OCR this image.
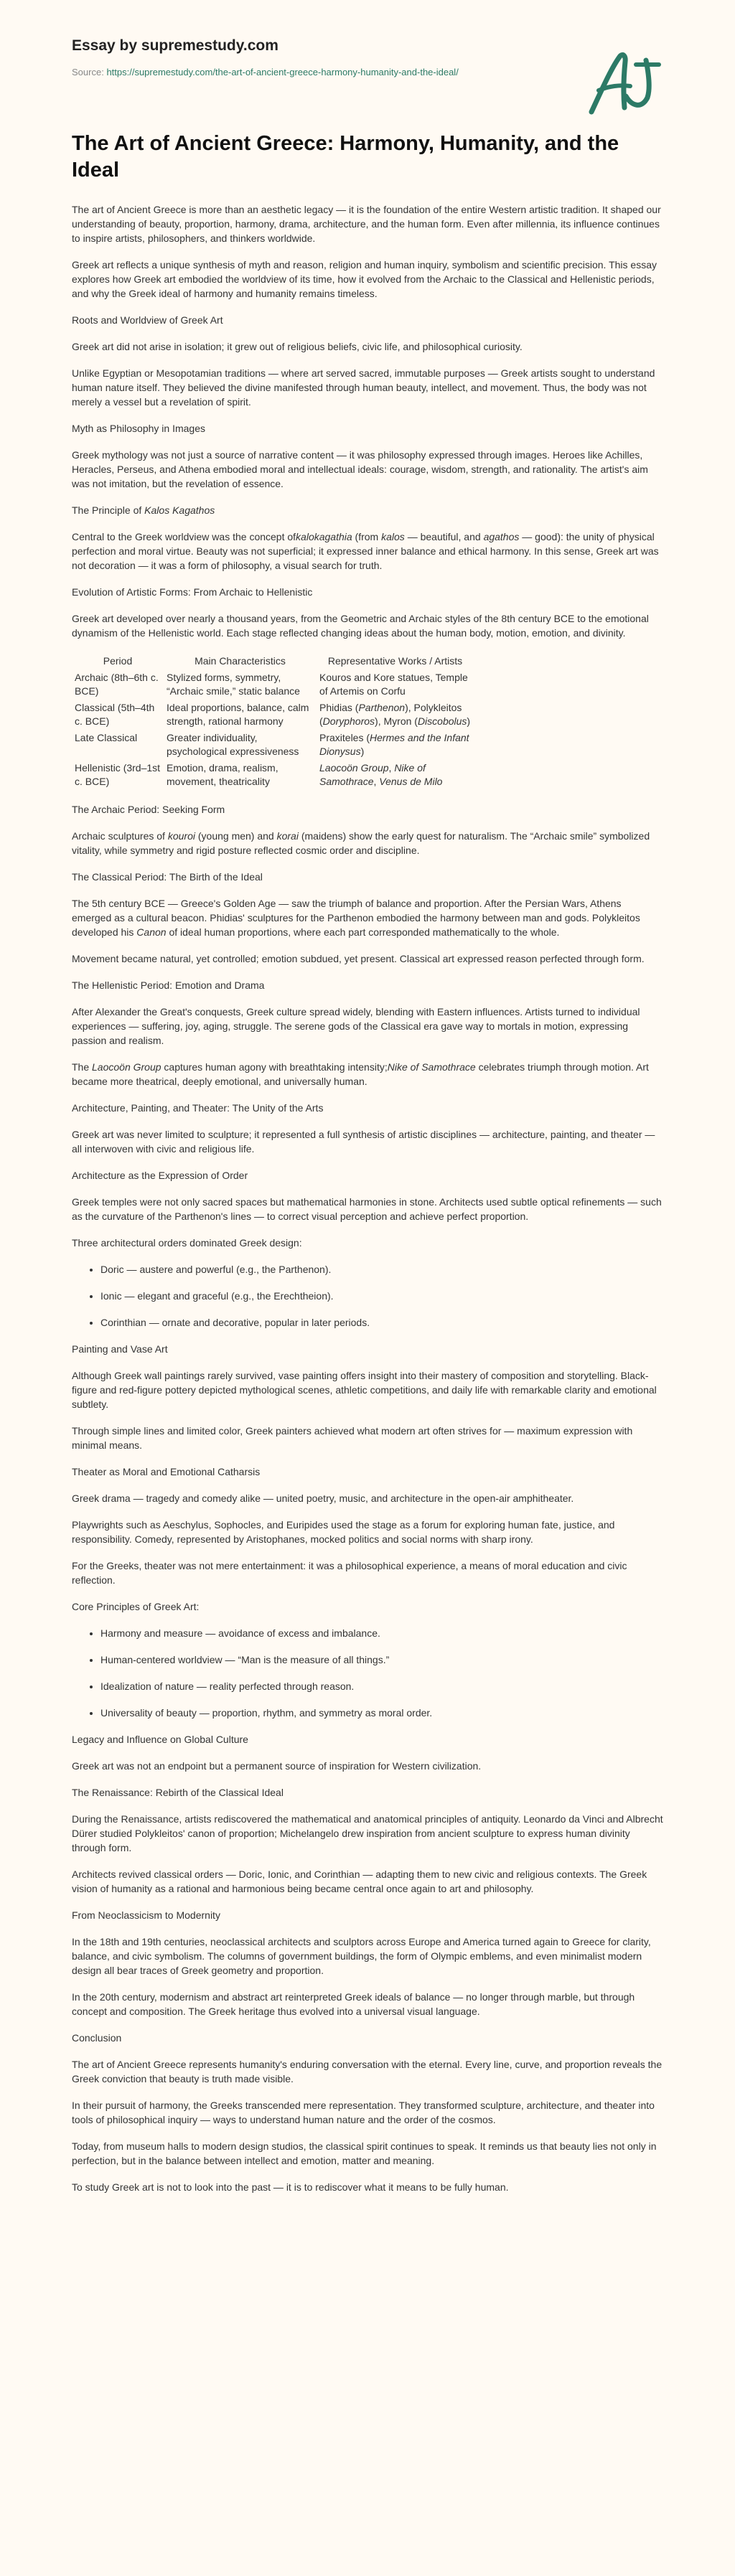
Essay by supremestudy.com
Source: https://supremestudy.com/the-art-of-ancient-greece-harmony-humanity-and-the-ideal/
The Art of Ancient Greece: Harmony, Humanity, and the Ideal

The art of Ancient Greece is more than an aesthetic legacy — it is the foundation of the entire Western artistic tradition. It shaped our understanding of beauty, proportion, harmony, drama, architecture, and the human form. Even after millennia, its influence continues to inspire artists, philosophers, and thinkers worldwide.

Greek art reflects a unique synthesis of myth and reason, religion and human inquiry, symbolism and scientific precision. This essay explores how Greek art embodied the worldview of its time, how it evolved from the Archaic to the Classical and Hellenistic periods, and why the Greek ideal of harmony and humanity remains timeless.

Roots and Worldview of Greek Art

Greek art did not arise in isolation; it grew out of religious beliefs, civic life, and philosophical curiosity.

Unlike Egyptian or Mesopotamian traditions — where art served sacred, immutable purposes — Greek artists sought to understand human nature itself. They believed the divine manifested through human beauty, intellect, and movement. Thus, the body was not merely a vessel but a revelation of spirit.

Myth as Philosophy in Images

Greek mythology was not just a source of narrative content — it was philosophy expressed through images. Heroes like Achilles, Heracles, Perseus, and Athena embodied moral and intellectual ideals: courage, wisdom, strength, and rationality. The artist's aim was not imitation, but the revelation of essence.

The Principle of Kalos Kagathos

Central to the Greek worldview was the concept ofkalokagathia (from kalos — beautiful, and agathos — good): the unity of physical perfection and moral virtue. Beauty was not superficial; it expressed inner balance and ethical harmony. In this sense, Greek art was not decoration — it was a form of philosophy, a visual search for truth.

Evolution of Artistic Forms: From Archaic to Hellenistic

Greek art developed over nearly a thousand years, from the Geometric and Archaic styles of the 8th century BCE to the emotional dynamism of the Hellenistic world. Each stage reflected changing ideas about the human body, motion, emotion, and divinity.

Period	Main Characteristics	Representative Works / Artists
Archaic (8th–6th c. BCE)	Stylized forms, symmetry, “Archaic smile,” static balance	Kouros and Kore statues, Temple of Artemis on Corfu
Classical (5th–4th c. BCE)	Ideal proportions, balance, calm strength, rational harmony	Phidias (Parthenon), Polykleitos (Doryphoros), Myron (Discobolus)
Late Classical	Greater individuality, psychological expressiveness	Praxiteles (Hermes and the Infant Dionysus)
Hellenistic (3rd–1st c. BCE)	Emotion, drama, realism, movement, theatricality	Laocoön Group, Nike of Samothrace, Venus de Milo
The Archaic Period: Seeking Form

Archaic sculptures of kouroi (young men) and korai (maidens) show the early quest for naturalism. The “Archaic smile” symbolized vitality, while symmetry and rigid posture reflected cosmic order and discipline.

The Classical Period: The Birth of the Ideal

The 5th century BCE — Greece's Golden Age — saw the triumph of balance and proportion. After the Persian Wars, Athens emerged as a cultural beacon. Phidias' sculptures for the Parthenon embodied the harmony between man and gods. Polykleitos developed his Canon of ideal human proportions, where each part corresponded mathematically to the whole.

Movement became natural, yet controlled; emotion subdued, yet present. Classical art expressed reason perfected through form.

The Hellenistic Period: Emotion and Drama

After Alexander the Great's conquests, Greek culture spread widely, blending with Eastern influences. Artists turned to individual experiences — suffering, joy, aging, struggle. The serene gods of the Classical era gave way to mortals in motion, expressing passion and realism.

The Laocoön Group captures human agony with breathtaking intensity;Nike of Samothrace celebrates triumph through motion. Art became more theatrical, deeply emotional, and universally human.

Architecture, Painting, and Theater: The Unity of the Arts

Greek art was never limited to sculpture; it represented a full synthesis of artistic disciplines — architecture, painting, and theater — all interwoven with civic and religious life.

Architecture as the Expression of Order

Greek temples were not only sacred spaces but mathematical harmonies in stone. Architects used subtle optical refinements — such as the curvature of the Parthenon's lines — to correct visual perception and achieve perfect proportion.

Three architectural orders dominated Greek design:

• Doric — austere and powerful (e.g., the Parthenon).
• Ionic — elegant and graceful (e.g., the Erechtheion).
• Corinthian — ornate and decorative, popular in later periods.
Painting and Vase Art

Although Greek wall paintings rarely survived, vase painting offers insight into their mastery of composition and storytelling. Black-figure and red-figure pottery depicted mythological scenes, athletic competitions, and daily life with remarkable clarity and emotional subtlety.

Through simple lines and limited color, Greek painters achieved what modern art often strives for — maximum expression with minimal means.

Theater as Moral and Emotional Catharsis

Greek drama — tragedy and comedy alike — united poetry, music, and architecture in the open-air amphitheater.

Playwrights such as Aeschylus, Sophocles, and Euripides used the stage as a forum for exploring human fate, justice, and responsibility. Comedy, represented by Aristophanes, mocked politics and social norms with sharp irony.

For the Greeks, theater was not mere entertainment: it was a philosophical experience, a means of moral education and civic reflection.

Core Principles of Greek Art:
• Harmony and measure — avoidance of excess and imbalance.
• Human-centered worldview — “Man is the measure of all things.”
• Idealization of nature — reality perfected through reason.
• Universality of beauty — proportion, rhythm, and symmetry as moral order.
Legacy and Influence on Global Culture

Greek art was not an endpoint but a permanent source of inspiration for Western civilization.

The Renaissance: Rebirth of the Classical Ideal

During the Renaissance, artists rediscovered the mathematical and anatomical principles of antiquity. Leonardo da Vinci and Albrecht Dürer studied Polykleitos' canon of proportion; Michelangelo drew inspiration from ancient sculpture to express human divinity through form.

Architects revived classical orders — Doric, Ionic, and Corinthian — adapting them to new civic and religious contexts. The Greek vision of humanity as a rational and harmonious being became central once again to art and philosophy.

From Neoclassicism to Modernity

In the 18th and 19th centuries, neoclassical architects and sculptors across Europe and America turned again to Greece for clarity, balance, and civic symbolism. The columns of government buildings, the form of Olympic emblems, and even minimalist modern design all bear traces of Greek geometry and proportion.

In the 20th century, modernism and abstract art reinterpreted Greek ideals of balance — no longer through marble, but through concept and composition. The Greek heritage thus evolved into a universal visual language.

Conclusion

The art of Ancient Greece represents humanity's enduring conversation with the eternal. Every line, curve, and proportion reveals the Greek conviction that beauty is truth made visible.

In their pursuit of harmony, the Greeks transcended mere representation. They transformed sculpture, architecture, and theater into tools of philosophical inquiry — ways to understand human nature and the order of the cosmos.

Today, from museum halls to modern design studios, the classical spirit continues to speak. It reminds us that beauty lies not only in perfection, but in the balance between intellect and emotion, matter and meaning.

To study Greek art is not to look into the past — it is to rediscover what it means to be fully human.
